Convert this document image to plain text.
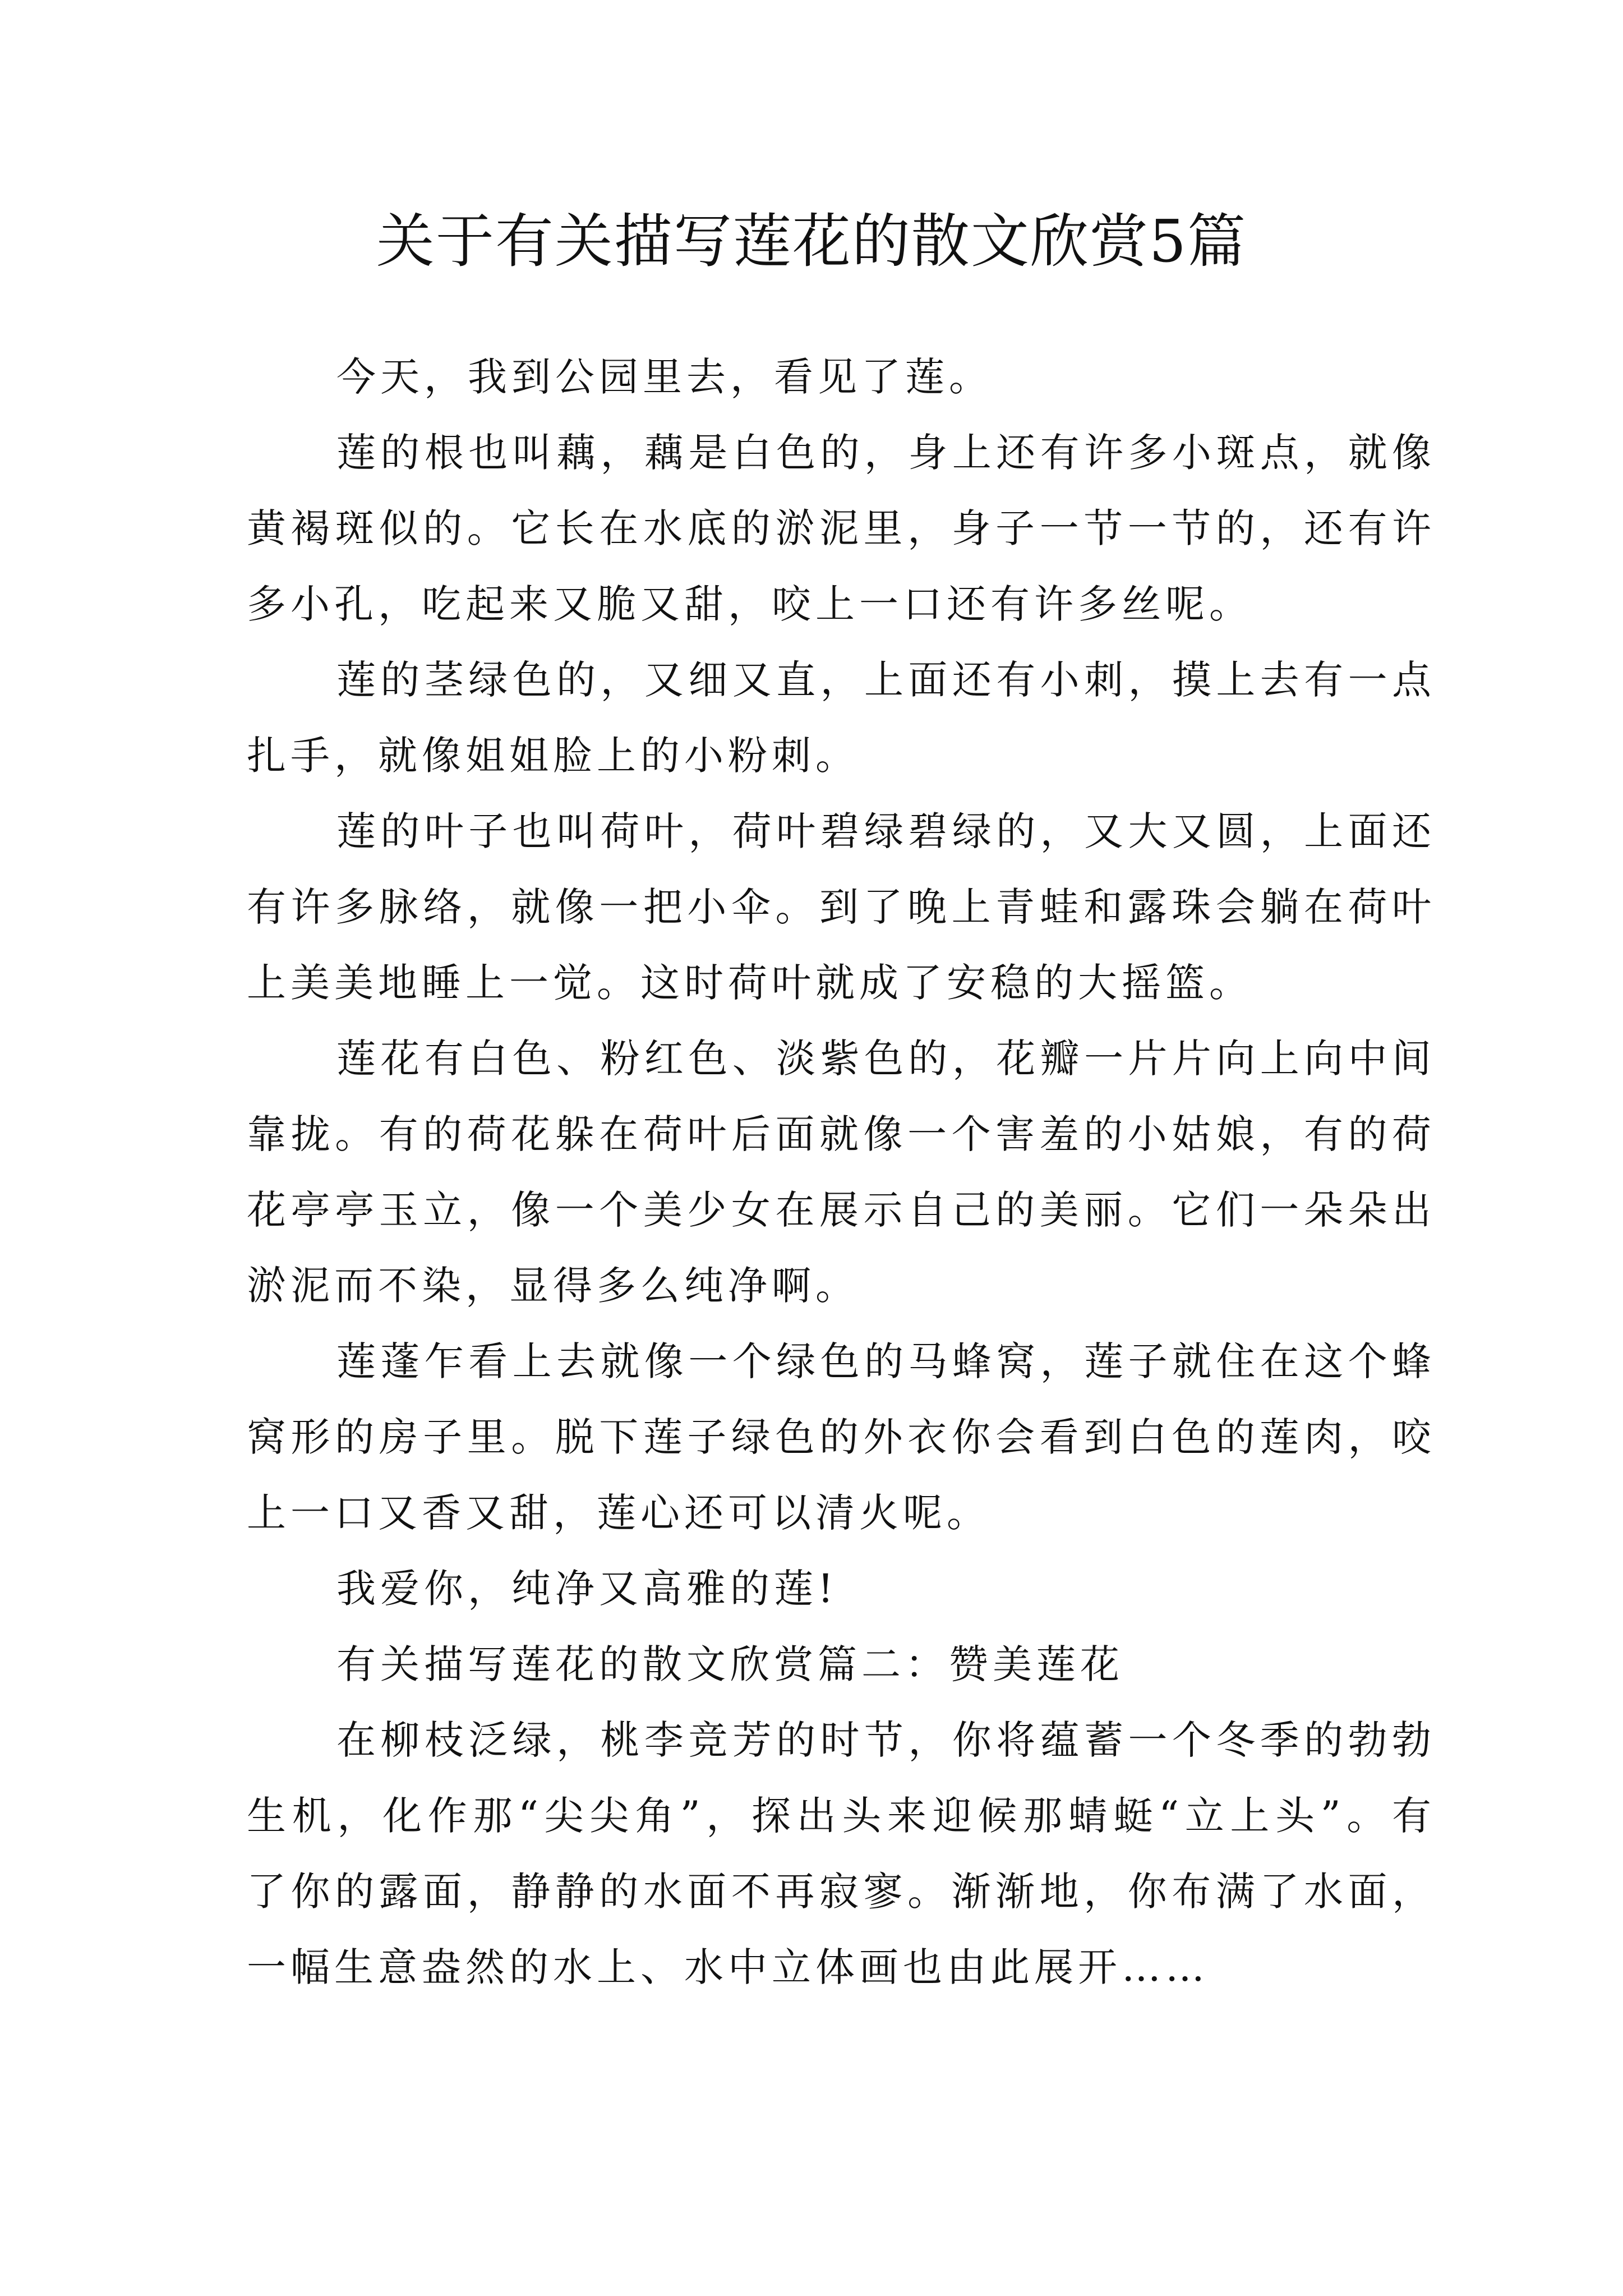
关于有关描写莲花的散文欣赏5篇

今天，我到公园里去，看见了莲。

莲的根也叫藕，藕是白色的，身上还有许多小斑点，就像黄褐斑似的。它长在水底的淤泥里，身子一节一节的，还有许多小孔，吃起来又脆又甜，咬上一口还有许多丝呢。

莲的茎绿色的，又细又直，上面还有小刺，摸上去有一点扎手，就像姐姐脸上的小粉刺。

莲的叶子也叫荷叶，荷叶碧绿碧绿的，又大又圆，上面还有许多脉络，就像一把小伞。到了晚上青蛙和露珠会躺在荷叶上美美地睡上一觉。这时荷叶就成了安稳的大摇篮。

莲花有白色、粉红色、淡紫色的，花瓣一片片向上向中间靠拢。有的荷花躲在荷叶后面就像一个害羞的小姑娘，有的荷花亭亭玉立，像一个美少女在展示自己的美丽。它们一朵朵出淤泥而不染，显得多么纯净啊。

莲蓬乍看上去就像一个绿色的马蜂窝，莲子就住在这个蜂窝形的房子里。脱下莲子绿色的外衣你会看到白色的莲肉，咬上一口又香又甜，莲心还可以清火呢。

我爱你，纯净又高雅的莲!

有关描写莲花的散文欣赏篇二：赞美莲花

在柳枝泛绿，桃李竞芳的时节，你将蕴蓄一个冬季的勃勃生机，化作那“尖尖角”，探出头来迎候那蜻蜓“立上头”。有了你的露面，静静的水面不再寂寥。渐渐地，你布满了水面，一幅生意盎然的水上、水中立体画也由此展开……
